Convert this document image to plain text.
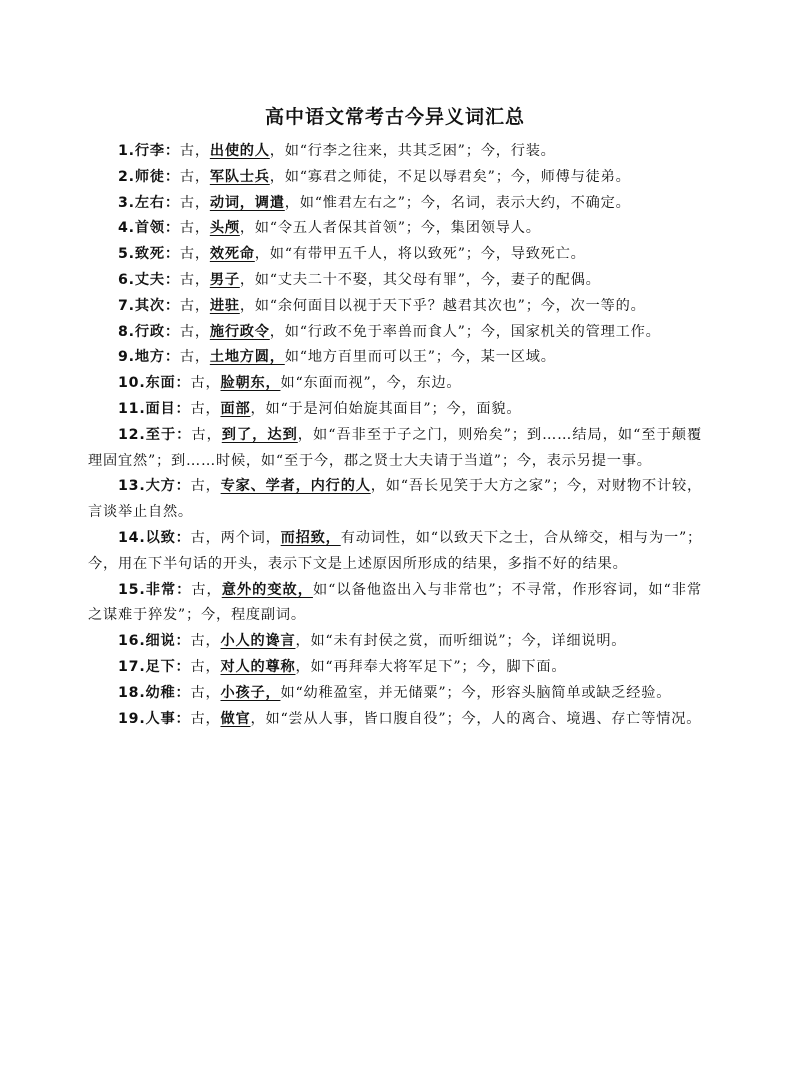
高中语文常考古今异义词汇总

1.行李：古，出使的人，如“行李之往来，共其乏困”；今，行装。

2.师徒：古，军队士兵，如“寡君之师徒，不足以辱君矣”；今，师傅与徒弟。

3.左右：古，动词，调遣，如“惟君左右之”；今，名词，表示大约，不确定。

4.首领：古，头颅，如“令五人者保其首领”；今，集团领导人。

5.致死：古，效死命，如“有带甲五千人，将以致死”；今，导致死亡。

6.丈夫：古，男子，如“丈夫二十不娶，其父母有罪”，今，妻子的配偶。

7.其次：古，进驻，如“余何面目以视于天下乎？越君其次也”；今，次一等的。

8.行政：古，施行政令，如“行政不免于率兽而食人”；今，国家机关的管理工作。

9.地方：古，土地方圆，如“地方百里而可以王”；今，某一区域。

10.东面：古，脸朝东，如“东面而视”，今，东边。

11.面目：古，面部，如“于是河伯始旋其面目”；今，面貌。

12.至于：古，到了，达到，如“吾非至于子之门，则殆矣”；到……结局，如“至于颠覆理固宜然”；到……时候，如“至于今，郡之贤士大夫请于当道”；今，表示另提一事。

13.大方：古，专家、学者，内行的人，如“吾长见笑于大方之家”；今，对财物不计较，言谈举止自然。

14.以致：古，两个词，而招致，有动词性，如“以致天下之士，合从缔交，相与为一”；今，用在下半句话的开头，表示下文是上述原因所形成的结果，多指不好的结果。

15.非常：古，意外的变故，如“以备他盗出入与非常也”；不寻常，作形容词，如“非常之谋难于猝发”；今，程度副词。

16.细说：古，小人的谗言，如“未有封侯之赏，而听细说”；今，详细说明。

17.足下：古，对人的尊称，如“再拜奉大将军足下”；今，脚下面。

18.幼稚：古，小孩子，如“幼稚盈室，并无储粟”；今，形容头脑简单或缺乏经验。

19.人事：古，做官，如“尝从人事，皆口腹自役”；今，人的离合、境遇、存亡等情况。
